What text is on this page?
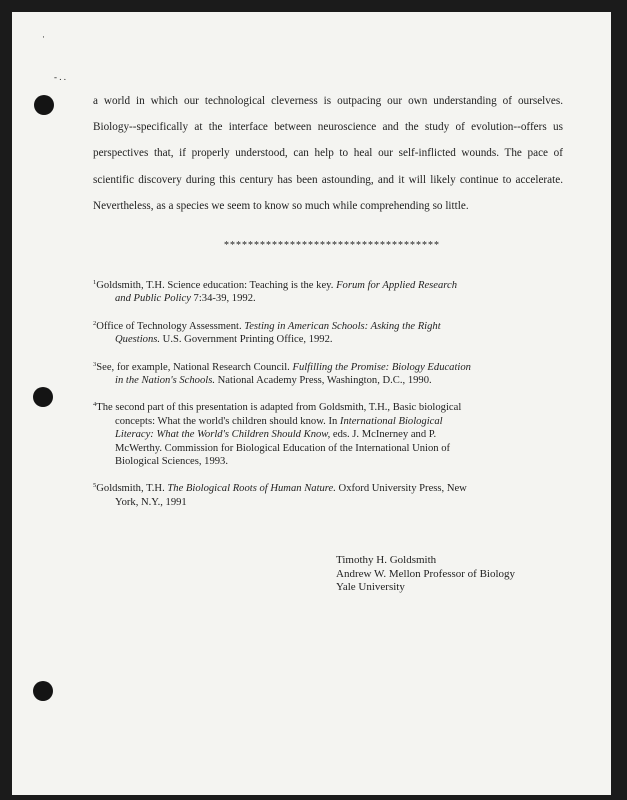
·
‐ . .

a world in which our technological cleverness is outpacing our own understanding of ourselves.
Biology--specifically at the interface between neuroscience and the study of evolution--offers us
perspectives that, if properly understood, can help to heal our self-inflicted wounds. The pace of
scientific discovery during this century has been astounding, and it will likely continue to accelerate.
Nevertheless, as a species we seem to know so much while comprehending so little.

************************************
$^1$Goldsmith, T.H. Science education: Teaching is the key. Forum for Applied Research
and Public Policy 7:34-39, 1992.
$^2$Office of Technology Assessment. Testing in American Schools: Asking the Right
Questions. U.S. Government Printing Office, 1992.
$^3$See, for example, National Research Council. Fulfilling the Promise: Biology Education
in the Nation's Schools. National Academy Press, Washington, D.C., 1990.
$^4$The second part of this presentation is adapted from Goldsmith, T.H., Basic biological
concepts: What the world's children should know. In International Biological
Literacy: What the World's Children Should Know, eds. J. McInerney and P.
McWerthy. Commission for Biological Education of the International Union of
Biological Sciences, 1993.
$^5$Goldsmith, T.H. The Biological Roots of Human Nature. Oxford University Press, New
York, N.Y., 1991
Timothy H. Goldsmith
Andrew W. Mellon Professor of Biology
Yale University
